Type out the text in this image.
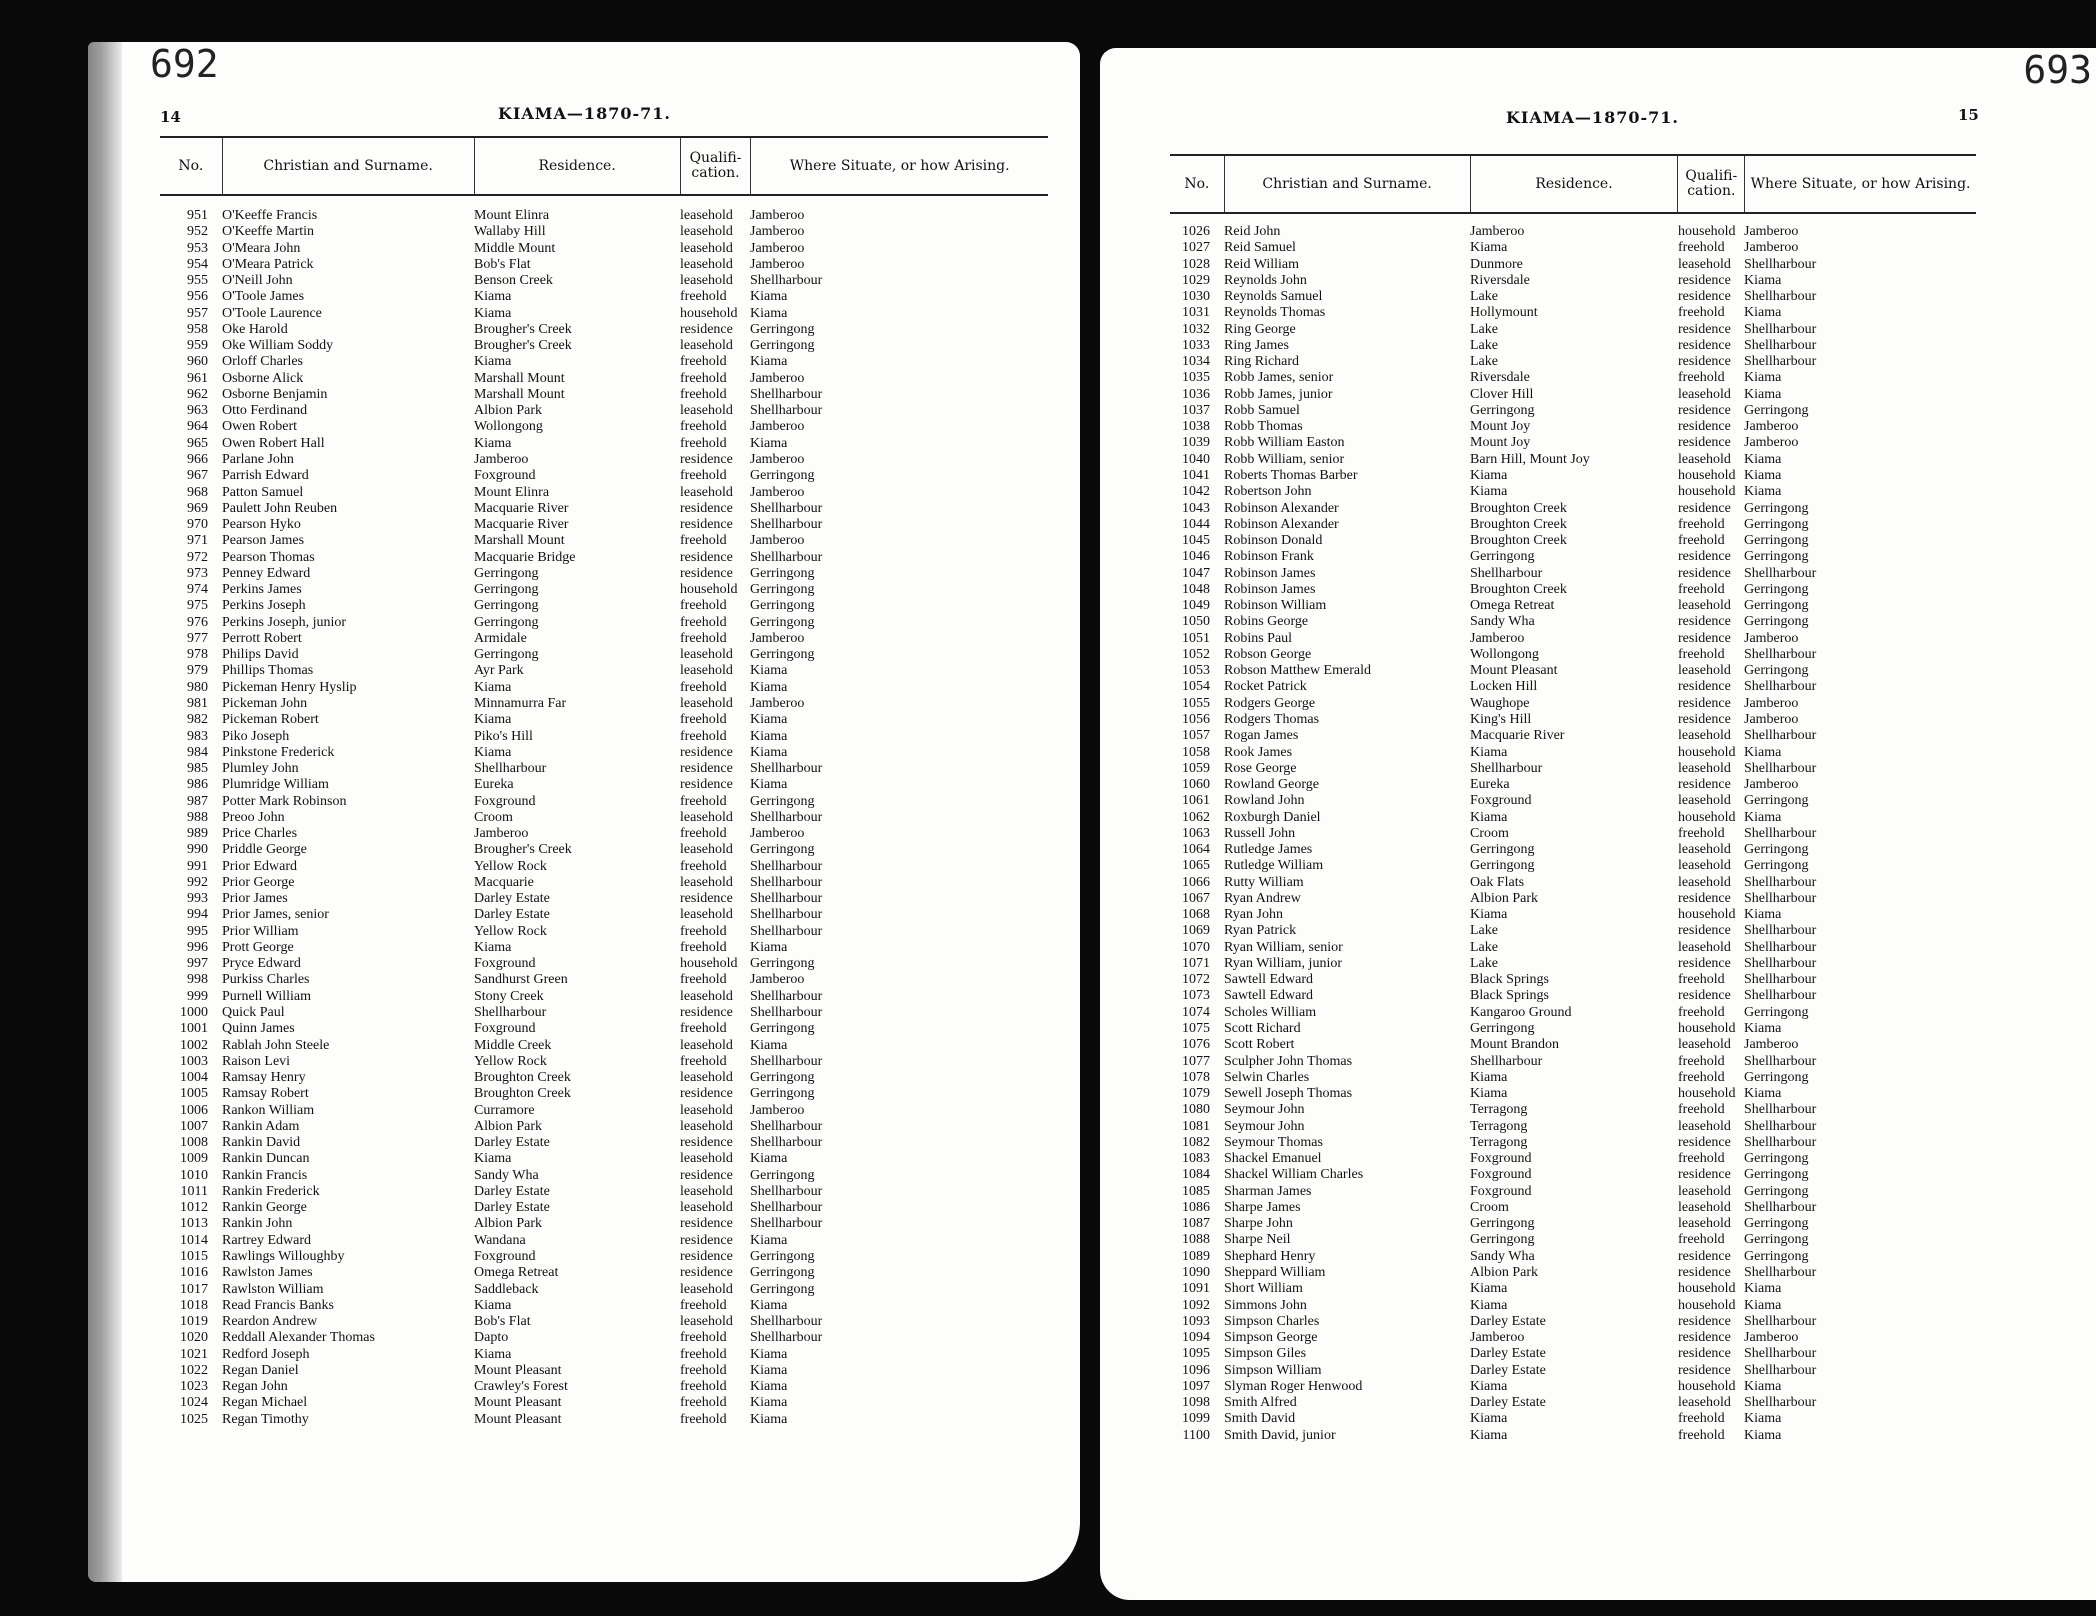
692
14	KIAMA—1870-71.
No.	Christian and Surname.	Residence.	Qualifi-cation.	Where Situate, or how Arising.
951	O'Keeffe Francis	Mount Elinra	leasehold	Jamberoo
952	O'Keeffe Martin	Wallaby Hill	leasehold	Jamberoo
953	O'Meara John	Middle Mount	leasehold	Jamberoo
954	O'Meara Patrick	Bob's Flat	leasehold	Jamberoo
955	O'Neill John	Benson Creek	leasehold	Shellharbour
956	O'Toole James	Kiama	freehold	Kiama
957	O'Toole Laurence	Kiama	household Kiama
958	Oke Harold	Brougher's Creek	residence	Gerringong
959	Oke William Soddy	Brougher's Creek	leasehold	Gerringong
960	Orloff Charles	Kiama	freehold	Kiama
961	Osborne Alick	Marshall Mount	freehold	Jamberoo
962	Osborne Benjamin	Marshall Mount	freehold	Shellharbour
963	Otto Ferdinand	Albion Park	leasehold	Shellharbour
964	Owen Robert	Wollongong	freehold	Jamberoo
965	Owen Robert Hall	Kiama	freehold	Kiama
966	Parlane John	Jamberoo	residence	Jamberoo
967	Parrish Edward	Foxground	freehold	Gerringong
968	Patton Samuel	Mount Elinra	leasehold	Jamberoo
969	Paulett John Reuben	Macquarie River	residence	Shellharbour
970	Pearson Hyko	Macquarie River	residence	Shellharbour
971	Pearson James	Marshall Mount	freehold	Jamberoo
972	Pearson Thomas	Macquarie Bridge	residence	Shellharbour
973	Penney Edward	Gerringong	residence	Gerringong
974	Perkins James	Gerringong	household Gerringong
975	Perkins Joseph	Gerringong	freehold	Gerringong
976	Perkins Joseph, junior	Gerringong	freehold	Gerringong
977	Perrott Robert	Armidale	freehold	Jamberoo
978	Philips David	Gerringong	leasehold	Gerringong
979	Phillips Thomas	Ayr Park	leasehold	Kiama
980	Pickeman Henry Hyslip	Kiama	freehold	Kiama
981	Pickeman John	Minnamurra Far	leasehold	Jamberoo
982	Pickeman Robert	Kiama	freehold	Kiama
983	Piko Joseph	Piko's Hill	freehold	Kiama
984	Pinkstone Frederick	Kiama	residence	Kiama
985	Plumley John	Shellharbour	residence	Shellharbour
986	Plumridge William	Eureka	residence	Kiama
987	Potter Mark Robinson	Foxground	freehold	Gerringong
988	Preoo John	Croom	leasehold	Shellharbour
989	Price Charles	Jamberoo	freehold	Jamberoo
990	Priddle George	Brougher's Creek	leasehold	Gerringong
991	Prior Edward	Yellow Rock	freehold	Shellharbour
992	Prior George	Macquarie	leasehold	Shellharbour
993	Prior James	Darley Estate	residence	Shellharbour
994	Prior James, senior	Darley Estate	leasehold	Shellharbour
995	Prior William	Yellow Rock	freehold	Shellharbour
996	Prott George	Kiama	freehold	Kiama
997	Pryce Edward	Foxground	household Gerringong
998	Purkiss Charles	Sandhurst Green	freehold	Jamberoo
999	Purnell William	Stony Creek	leasehold	Shellharbour
1000	Quick Paul	Shellharbour	residence	Shellharbour
1001	Quinn James	Foxground	freehold	Gerringong
1002	Rablah John Steele	Middle Creek	leasehold	Kiama
1003	Raison Levi	Yellow Rock	freehold	Shellharbour
1004	Ramsay Henry	Broughton Creek	leasehold	Gerringong
1005	Ramsay Robert	Broughton Creek	residence	Gerringong
1006	Rankon William	Curramore	leasehold	Jamberoo
1007	Rankin Adam	Albion Park	leasehold	Shellharbour
1008	Rankin David	Darley Estate	residence	Shellharbour
1009	Rankin Duncan	Kiama	leasehold	Kiama
1010	Rankin Francis	Sandy Wha	residence	Gerringong
1011	Rankin Frederick	Darley Estate	leasehold	Shellharbour
1012	Rankin George	Darley Estate	leasehold	Shellharbour
1013	Rankin John	Albion Park	residence	Shellharbour
1014	Rartrey Edward	Wandana	residence	Kiama
1015	Rawlings Willoughby	Foxground	residence	Gerringong
1016	Rawlston James	Omega Retreat	residence	Gerringong
1017	Rawlston William	Saddleback	leasehold	Gerringong
1018	Read Francis Banks	Kiama	freehold	Kiama
1019	Reardon Andrew	Bob's Flat	leasehold	Shellharbour
1020	Reddall Alexander Thomas	Dapto	freehold	Shellharbour
1021	Redford Joseph	Kiama	freehold	Kiama
1022	Regan Daniel	Mount Pleasant	freehold	Kiama
1023	Regan John	Crawley's Forest	freehold	Kiama
1024	Regan Michael	Mount Pleasant	freehold	Kiama
1025	Regan Timothy	Mount Pleasant	freehold	Kiama
693
15
KIAMA—1870-71.
No.	Christian and Surname.	Residence.	Qualifi-cation.	Where Situate, or how Arising.
1026	Reid John	Jamberoo	household Jamberoo
1027	Reid Samuel	Kiama	freehold	Jamberoo
1028	Reid William	Dunmore	leasehold Shellharbour
1029	Reynolds John	Riversdale	residence Kiama
1030	Reynolds Samuel	Lake	residence Shellharbour
1031	Reynolds Thomas	Hollymount	freehold	Kiama
1032	Ring George	Lake	residence Shellharbour
1033	Ring James	Lake	residence Shellharbour
1034	Ring Richard	Lake	residence Shellharbour
1035	Robb James, senior	Riversdale	freehold	Kiama
1036	Robb James, junior	Clover Hill	leasehold Kiama
1037	Robb Samuel	Gerringong	residence Gerringong
1038	Robb Thomas	Mount Joy	residence Jamberoo
1039	Robb William Easton	Mount Joy	residence Jamberoo
1040	Robb William, senior	Barn Hill, Mount Joy	leasehold Kiama
1041	Roberts Thomas Barber	Kiama	household Kiama
1042	Robertson John	Kiama	household Kiama
1043	Robinson Alexander	Broughton Creek	residence Gerringong
1044	Robinson Alexander	Broughton Creek	freehold	Gerringong
1045	Robinson Donald	Broughton Creek	freehold	Gerringong
1046	Robinson Frank	Gerringong	residence Gerringong
1047	Robinson James	Shellharbour	residence Shellharbour
1048	Robinson James	Broughton Creek	freehold	Gerringong
1049	Robinson William	Omega Retreat	leasehold Gerringong
1050	Robins George	Sandy Wha	residence Gerringong
1051	Robins Paul	Jamberoo	residence Jamberoo
1052	Robson George	Wollongong	freehold	Shellharbour
1053	Robson Matthew Emerald	Mount Pleasant	leasehold Gerringong
1054	Rocket Patrick	Locken Hill	residence Shellharbour
1055	Rodgers George	Waughope	residence Jamberoo
1056	Rodgers Thomas	King's Hill	residence Jamberoo
1057	Rogan James	Macquarie River	leasehold Shellharbour
1058	Rook James	Kiama	household Kiama
1059	Rose George	Shellharbour	leasehold Shellharbour
1060	Rowland George	Eureka	residence Jamberoo
1061	Rowland John	Foxground	leasehold Gerringong
1062	Roxburgh Daniel	Kiama	household Kiama
1063	Russell John	Croom	freehold	Shellharbour
1064	Rutledge James	Gerringong	leasehold Gerringong
1065	Rutledge William	Gerringong	leasehold Gerringong
1066	Rutty William	Oak Flats	leasehold Shellharbour
1067	Ryan Andrew	Albion Park	residence Shellharbour
1068	Ryan John	Kiama	household Kiama
1069	Ryan Patrick	Lake	residence Shellharbour
1070	Ryan William, senior	Lake	leasehold Shellharbour
1071	Ryan William, junior	Lake	residence Shellharbour
1072	Sawtell Edward	Black Springs	freehold	Shellharbour
1073	Sawtell Edward	Black Springs	residence Shellharbour
1074	Scholes William	Kangaroo Ground	freehold	Gerringong
1075	Scott Richard	Gerringong	household Kiama
1076	Scott Robert	Mount Brandon	leasehold Jamberoo
1077	Sculpher John Thomas	Shellharbour	freehold	Shellharbour
1078	Selwin Charles	Kiama	freehold	Gerringong
1079	Sewell Joseph Thomas	Kiama	household Kiama
1080	Seymour John	Terragong	freehold	Shellharbour
1081	Seymour John	Terragong	leasehold Shellharbour
1082	Seymour Thomas	Terragong	residence Shellharbour
1083	Shackel Emanuel	Foxground	freehold	Gerringong
1084	Shackel William Charles	Foxground	residence Gerringong
1085	Sharman James	Foxground	leasehold Gerringong
1086	Sharpe James	Croom	leasehold Shellharbour
1087	Sharpe John	Gerringong	leasehold Gerringong
1088	Sharpe Neil	Gerringong	freehold	Gerringong
1089	Shephard Henry	Sandy Wha	residence Gerringong
1090	Sheppard William	Albion Park	residence Shellharbour
1091	Short William	Kiama	household Kiama
1092	Simmons John	Kiama	household Kiama
1093	Simpson Charles	Darley Estate	residence Shellharbour
1094	Simpson George	Jamberoo	residence Jamberoo
1095	Simpson Giles	Darley Estate	residence Shellharbour
1096	Simpson William	Darley Estate	residence Shellharbour
1097	Slyman Roger Henwood	Kiama	household Kiama
1098	Smith Alfred	Darley Estate	leasehold Shellharbour
1099	Smith David	Kiama	freehold	Kiama
1100	Smith David, junior	Kiama	freehold	Kiama
